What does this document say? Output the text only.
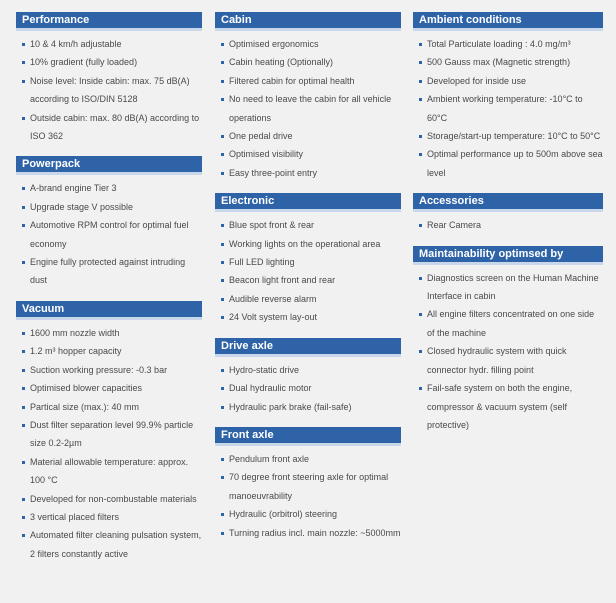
Performance
10 & 4 km/h adjustable
10% gradient (fully loaded)
Noise level: Inside cabin: max. 75 dB(A) according to ISO/DIN 5128
Outside cabin: max. 80 dB(A) according to ISO 362
Powerpack
A-brand engine Tier 3
Upgrade stage V possible
Automotive RPM control for optimal fuel economy
Engine fully protected against intruding dust
Vacuum
1600 mm nozzle width
1.2 m³ hopper capacity
Suction working pressure: -0.3 bar
Optimised blower capacities
Partical size (max.): 40 mm
Dust filter separation level 99.9% particle size 0.2-2µm
Material allowable temperature: approx. 100 °C
Developed for non-combustable materials
3 vertical placed filters
Automated filter cleaning pulsation system, 2 filters constantly active
Cabin
Optimised ergonomics
Cabin heating (Optionally)
Filtered cabin for optimal health
No need to leave the cabin for all vehicle operations
One pedal drive
Optimised visibility
Easy three-point entry
Electronic
Blue spot front & rear
Working lights on the operational area
Full LED lighting
Beacon light front and rear
Audible reverse alarm
24 Volt system lay-out
Drive axle
Hydro-static drive
Dual hydraulic motor
Hydraulic park brake (fail-safe)
Front axle
Pendulum front axle
70 degree front steering axle for optimal manoeuvrability
Hydraulic (orbitrol) steering
Turning radius incl. main nozzle: ~5000mm
Ambient conditions
Total Particulate loading : 4.0 mg/m³
500 Gauss max (Magnetic strength)
Developed for inside use
Ambient working temperature: -10°C to 60°C
Storage/start-up temperature: 10°C to 50°C
Optimal performance up to 500m above sea level
Accessories
Rear Camera
Maintainability optimsed by
Diagnostics screen on the Human Machine Interface in cabin
All engine filters concentrated on one side of the machine
Closed hydraulic system with quick connector hydr. filling point
Fail-safe system on both the engine, compressor & vacuum system (self protective)
